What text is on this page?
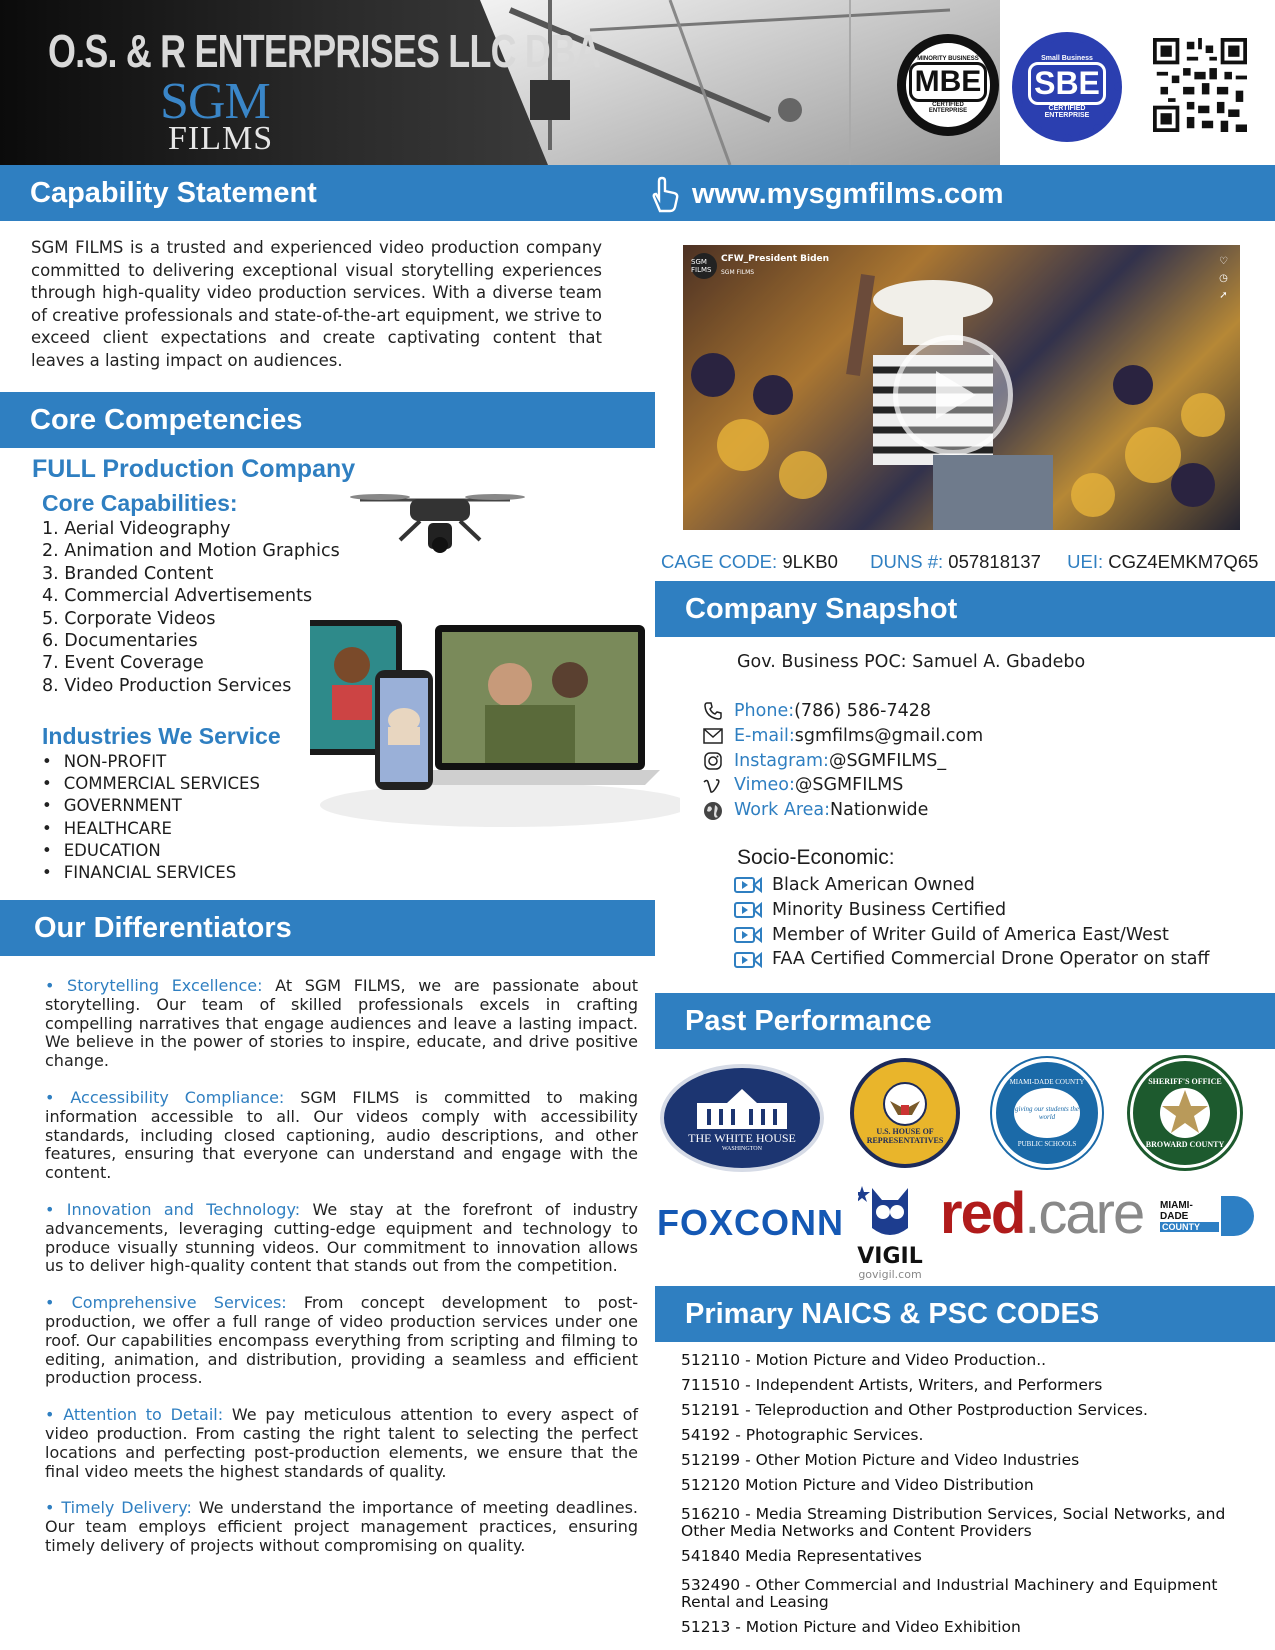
O.S. & R ENTERPRISES LLC DBA
SGM
FILMS
MINORITY BUSINESS
MBE
CERTIFIED
ENTERPRISE
Small Business
SBE
CERTIFIED
ENTERPRISE
Capability Statement	www.mysgmfilms.com
SGM FILMS is a trusted and experienced video production company committed to delivering exceptional visual storytelling experiences through high-quality video production services. With a diverse team of creative professionals and state-of-the-art equipment, we strive to exceed client expectations and create captivating content that leaves a lasting impact on audiences.
SGM FILMS
CFW_President Biden
SGM FILMS
♡
◷
➚
CAGE CODE: 9LKB0 DUNS #: 057818137 UEI: CGZ4EMKM7Q65
Core Competencies
FULL Production Company
Core Capabilities:
1. Aerial Videography
2. Animation and Motion Graphics
3. Branded Content
4. Commercial Advertisements
5. Corporate Videos
6. Documentaries
7. Event Coverage
8. Video Production Services
Industries We Service
• NON-PROFIT
• COMMERCIAL SERVICES
• GOVERNMENT
• HEALTHCARE
• EDUCATION
• FINANCIAL SERVICES
Company Snapshot
Gov. Business POC: Samuel A. Gbadebo
Phone: (786) 586-7428
E-mail: sgmfilms@gmail.com
Instagram: @SGMFILMS_
Vimeo: @SGMFILMS
Work Area: Nationwide
Socio-Economic:
Black American Owned
Minority Business Certified
Member of Writer Guild of America East/West
FAA Certified Commercial Drone Operator on staff
Our Differentiators

• Storytelling Excellence: At SGM FILMS, we are passionate about storytelling. Our team of skilled professionals excels in crafting compelling narratives that engage audiences and leave a lasting impact. We believe in the power of stories to inspire, educate, and drive positive change.

• Accessibility Compliance: SGM FILMS is committed to making information accessible to all. Our videos comply with accessibility standards, including closed captioning, audio descriptions, and other features, ensuring that everyone can understand and engage with the content.

• Innovation and Technology: We stay at the forefront of industry advancements, leveraging cutting-edge equipment and technology to produce visually stunning videos. Our commitment to innovation allows us to deliver high-quality content that stands out from the competition.

• Comprehensive Services: From concept development to post-production, we offer a full range of video production services under one roof. Our capabilities encompass everything from scripting and filming to editing, animation, and distribution, providing a seamless and efficient production process.

• Attention to Detail: We pay meticulous attention to every aspect of video production. From casting the right talent to selecting the perfect locations and perfecting post-production elements, we ensure that the final video meets the highest standards of quality.

• Timely Delivery: We understand the importance of meeting deadlines. Our team employs efficient project management practices, ensuring timely delivery of projects without compromising on quality.

Past Performance
THE WHITE HOUSE
WASHINGTON
U.S. HOUSE OF REPRESENTATIVES
MIAMI-DADE COUNTY
giving our students the world
PUBLIC SCHOOLS
SHERIFF'S OFFICE
BROWARD COUNTY
FOXCONN
VIGIL
govigil.com
red.care MIAMI-DADE
COUNTY
Primary NAICS & PSC CODES
512110 - Motion Picture and Video Production..
711510 - Independent Artists, Writers, and Performers
512191 - Teleproduction and Other Postproduction Services.
54192 - Photographic Services.
512199 - Other Motion Picture and Video Industries
512120 Motion Picture and Video Distribution
516210 - Media Streaming Distribution Services, Social Networks, and Other Media Networks and Content Providers
541840 Media Representatives
532490 - Other Commercial and Industrial Machinery and Equipment Rental and Leasing
51213 - Motion Picture and Video Exhibition
